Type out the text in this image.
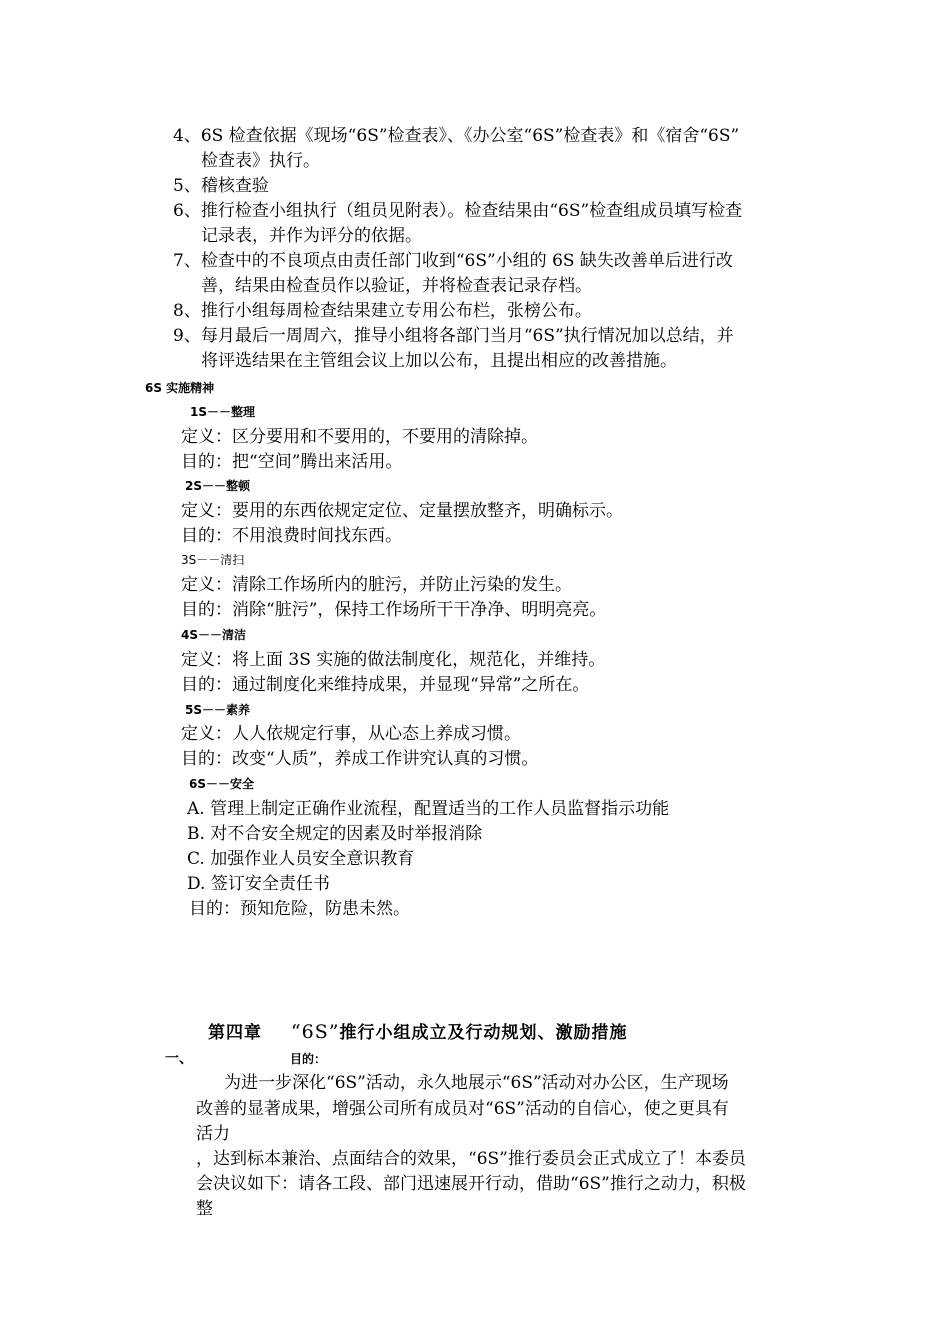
4、6S 检查依据《现场“6S”检查表》、《办公室“6S”检查表》和《宿舍“6S”
检查表》执行。
5、稽核查验
6、推行检查小组执行（组员见附表）。检查结果由“6S”检查组成员填写检查
记录表，并作为评分的依据。
7、检查中的不良项点由责任部门收到“6S”小组的 6S 缺失改善单后进行改
善，结果由检查员作以验证，并将检查表记录存档。
8、推行小组每周检查结果建立专用公布栏，张榜公布。
9、每月最后一周周六，推导小组将各部门当月“6S”执行情况加以总结，并
将评选结果在主管组会议上加以公布，且提出相应的改善措施。
6S 实施精神
1S－－整理
定义：区分要用和不要用的，不要用的清除掉。
目的：把“空间”腾出来活用。
2S－－整顿
定义：要用的东西依规定定位、定量摆放整齐，明确标示。
目的：不用浪费时间找东西。
3S－－清扫
定义：清除工作场所内的脏污，并防止污染的发生。
目的：消除“脏污”，保持工作场所干干净净、明明亮亮。
4S－－清洁
定义：将上面 3S 实施的做法制度化，规范化，并维持。
目的：通过制度化来维持成果，并显现“异常”之所在。
5S－－素养
定义：人人依规定行事，从心态上养成习惯。
目的：改变“人质”，养成工作讲究认真的习惯。
6S－－安全
A. 管理上制定正确作业流程，配置适当的工作人员监督指示功能
B. 对不合安全规定的因素及时举报消除
C. 加强作业人员安全意识教育
D. 签订安全责任书
目的：预知危险，防患未然。
第四章 “6S”推行小组成立及行动规划、激励措施
一、	目的：
为进一步深化“6S”活动，永久地展示“6S”活动对办公区，生产现场
改善的显著成果，增强公司所有成员对“6S”活动的自信心，使之更具有
活力
，达到标本兼治、点面结合的效果，“6S”推行委员会正式成立了！本委员
会决议如下：请各工段、部门迅速展开行动，借助“6S”推行之动力，积极
整
